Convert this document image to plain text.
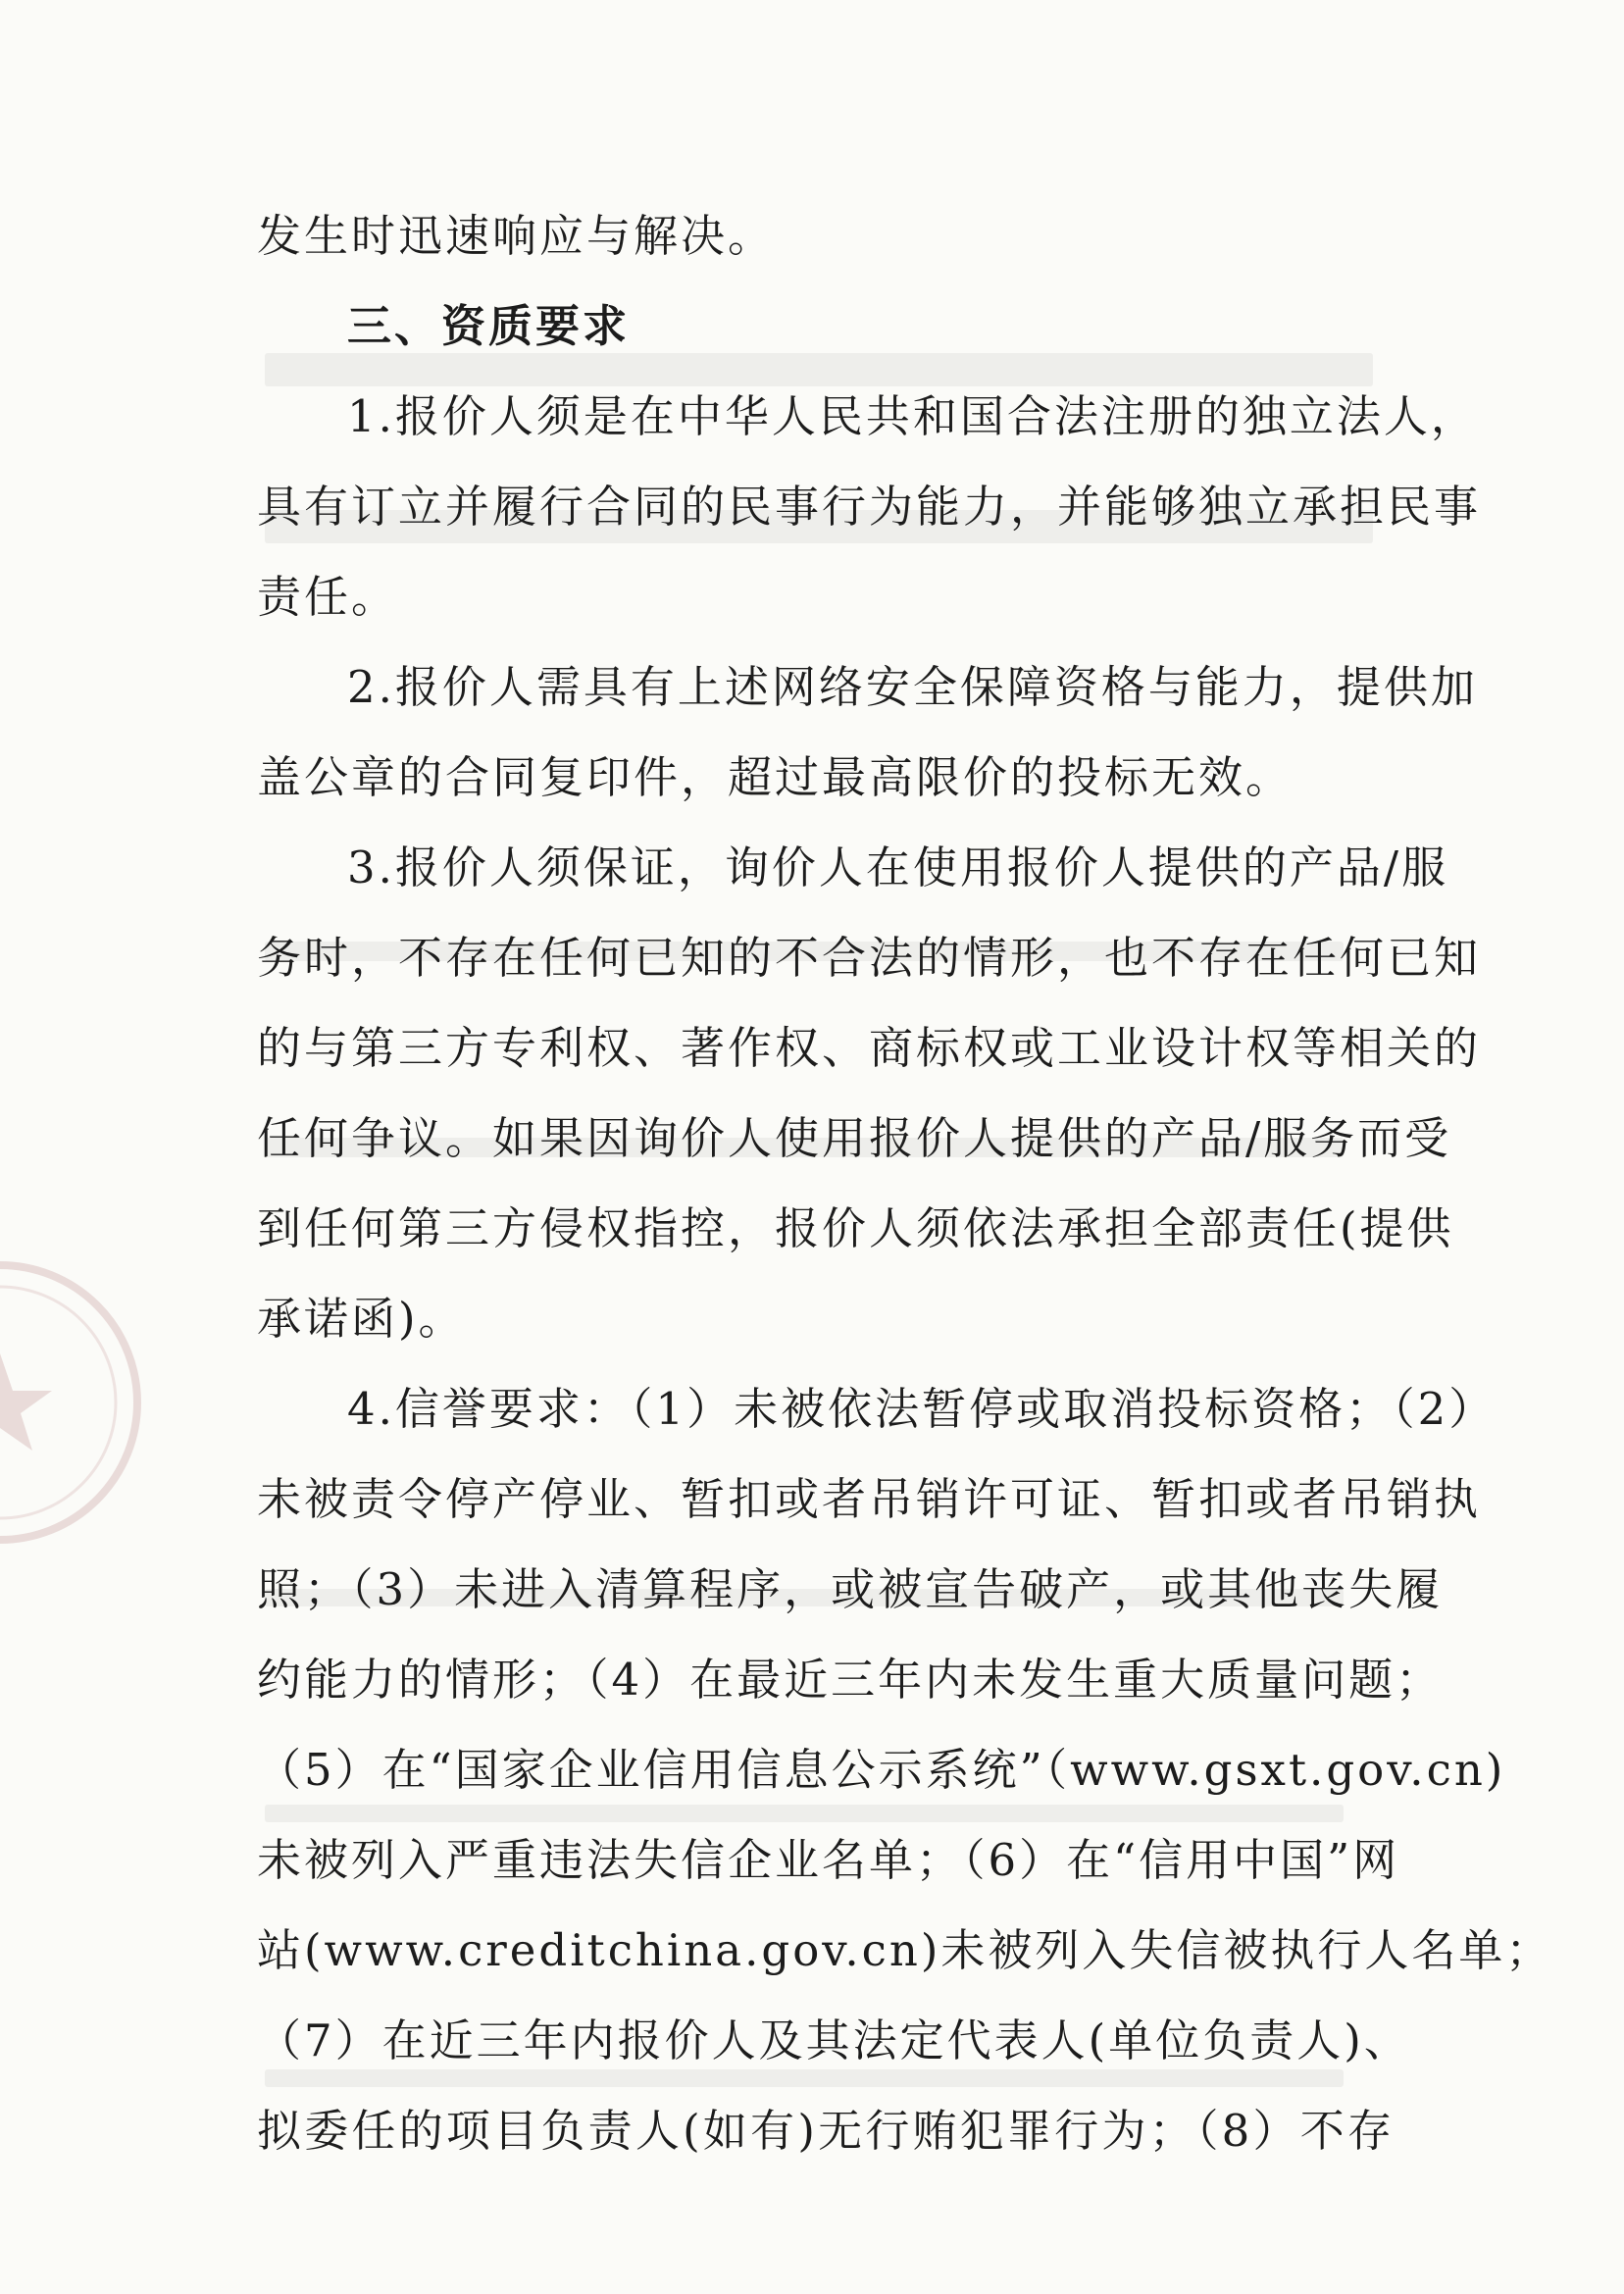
发生时迅速响应与解决。
三、资质要求
1.报价人须是在中华人民共和国合法注册的独立法人，
具有订立并履行合同的民事行为能力，并能够独立承担民事
责任。
2.报价人需具有上述网络安全保障资格与能力，提供加
盖公章的合同复印件，超过最高限价的投标无效。
3.报价人须保证，询价人在使用报价人提供的产品/服
务时，不存在任何已知的不合法的情形，也不存在任何已知
的与第三方专利权、著作权、商标权或工业设计权等相关的
任何争议。如果因询价人使用报价人提供的产品/服务而受
到任何第三方侵权指控，报价人须依法承担全部责任(提供
承诺函)。
4.信誉要求：（1）未被依法暂停或取消投标资格；（2）
未被责令停产停业、暂扣或者吊销许可证、暂扣或者吊销执
照；（3）未进入清算程序，或被宣告破产，或其他丧失履
约能力的情形；（4）在最近三年内未发生重大质量问题；
（5）在“国家企业信用信息公示系统”（www.gsxt.gov.cn)
未被列入严重违法失信企业名单；（6）在“信用中国”网
站(www.creditchina.gov.cn)未被列入失信被执行人名单；
（7）在近三年内报价人及其法定代表人(单位负责人)、
拟委任的项目负责人(如有)无行贿犯罪行为；（8）不存
